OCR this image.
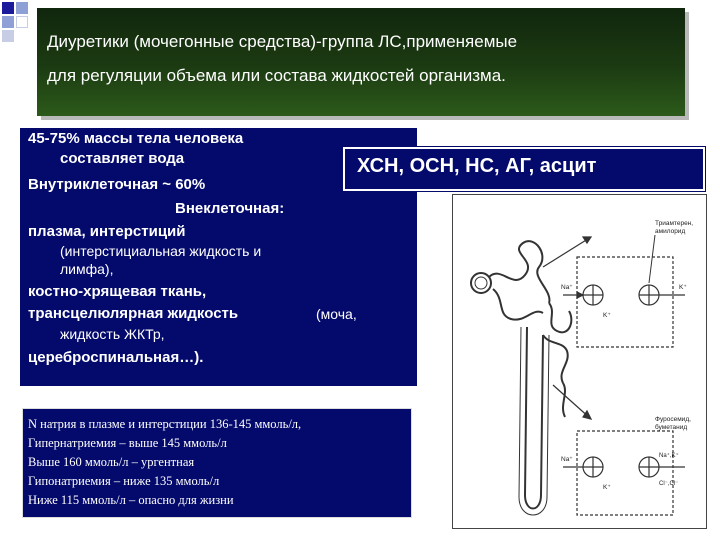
Диуретики (мочегонные средства)-группа ЛС,применяемые
для регуляции объема или состава жидкостей организма.

45-75% массы тела человека

составляет вода

Внутриклеточная ~ 60%

Внеклеточная:

плазма, интерстиций

(интерстициальная жидкость и

лимфа),

костно-хрящевая ткань,

трансцелюлярная жидкость	(моча,

жидкость ЖКТр,

цереброспинальная…).

ХСН, ОСН, НС, АГ, асцит

N натрия в плазме и интерстиции 136-145 ммоль/л,

Гипернатриемия – выше 145 ммоль/л

Выше 160 ммоль/л – ургентная

Гипонатриемия – ниже 135 ммоль/л

Ниже 115 ммоль/л – опасно для жизни

Триамтерен,
амилорид
Na⁺
K⁺
K⁺
Фуросемид,
буметанид
Na⁺
K⁺
Na⁺,K⁺
Cl⁻,Cl⁻
